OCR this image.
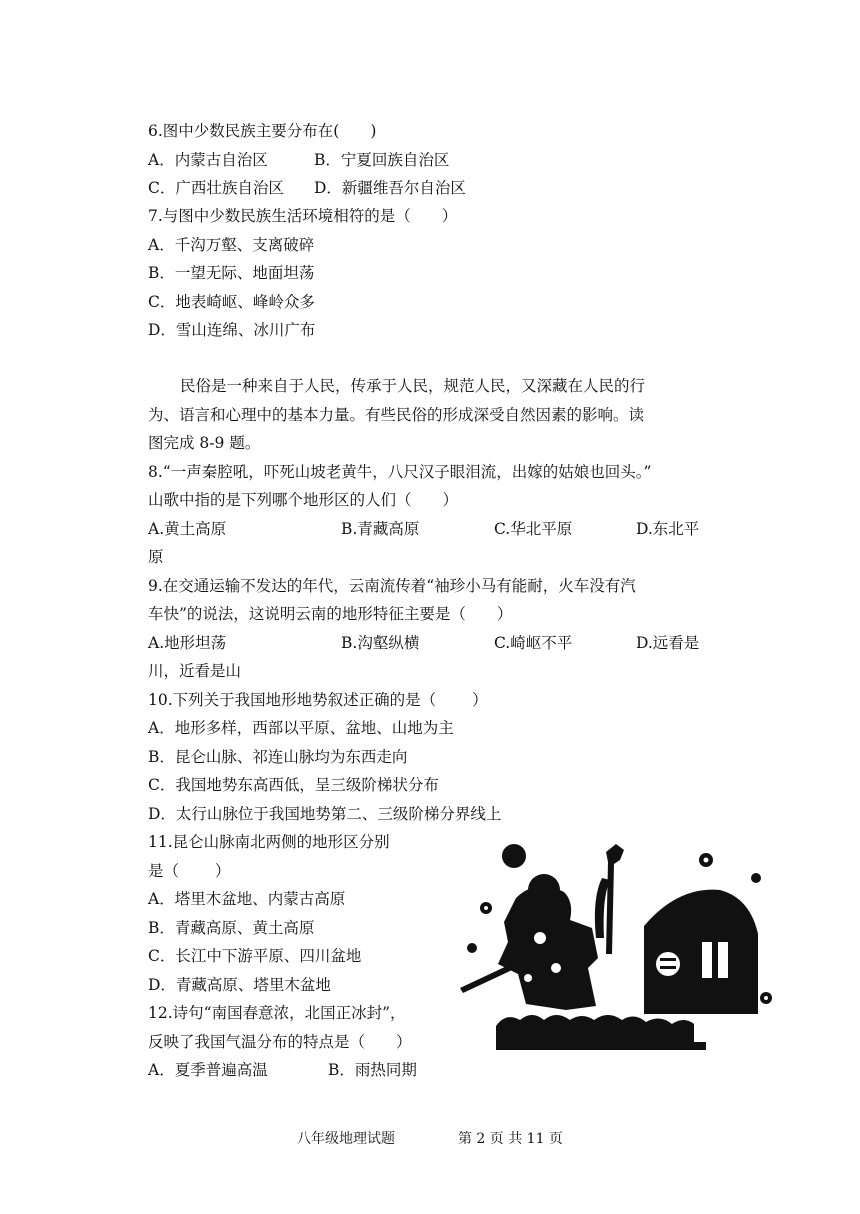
6.图中少数民族主要分布在(　　)
A．内蒙古自治区	B．宁夏回族自治区
C．广西壮族自治区 D．新疆维吾尔自治区
7.与图中少数民族生活环境相符的是（　　）
A．千沟万壑、支离破碎
B．一望无际、地面坦荡
C．地表崎岖、峰岭众多
D．雪山连绵、冰川广布
民俗是一种来自于人民，传承于人民，规范人民，又深藏在人民的行
为、语言和心理中的基本力量。有些民俗的形成深受自然因素的影响。读
图完成 8-9 题。
8.“一声秦腔吼，吓死山坡老黄牛，八尺汉子眼泪流，出嫁的姑娘也回头。”
山歌中指的是下列哪个地形区的人们（　　）
A.黄土高原	B.青藏高原	C.华北平原	D.东北平
原
9.在交通运输不发达的年代，云南流传着“袖珍小马有能耐，火车没有汽
车快”的说法，这说明云南的地形特征主要是（　　）
A.地形坦荡	B.沟壑纵横	C.崎岖不平	D.远看是
川，近看是山
10.下列关于我国地形地势叙述正确的是（　　 ）
A．地形多样，西部以平原、盆地、山地为主
B．昆仑山脉、祁连山脉均为东西走向
C．我国地势东高西低，呈三级阶梯状分布
D．太行山脉位于我国地势第二、三级阶梯分界线上
11.昆仑山脉南北两侧的地形区分别
是（　　 ）
A．塔里木盆地、内蒙古高原
B．青藏高原、黄土高原
C．长江中下游平原、四川盆地
D．青藏高原、塔里木盆地
12.诗句“南国春意浓，北国正冰封”，
反映了我国气温分布的特点是（　　）
A．夏季普遍高温	B．雨热同期
八年级地理试题	第 2 页 共 11 页
